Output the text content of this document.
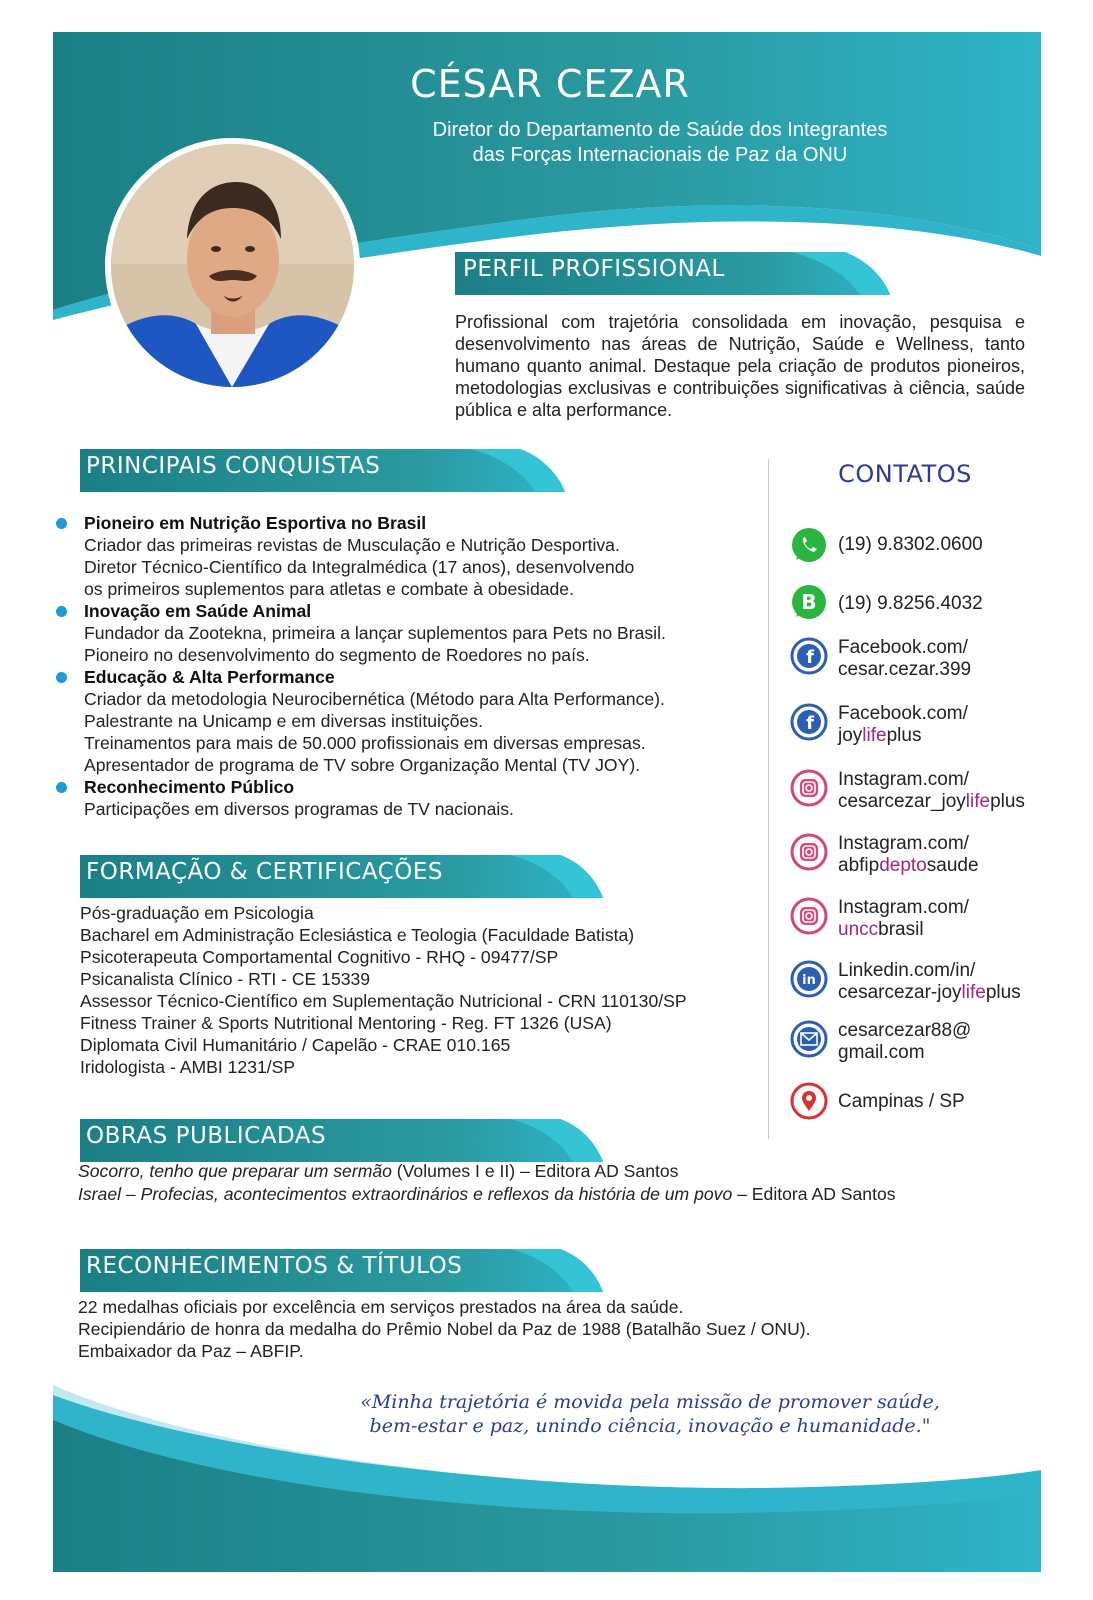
CÉSAR CEZAR
Diretor do Departamento de Saúde dos Integrantes
das Forças Internacionais de Paz da ONU
PERFIL PROFISSIONAL
Profissional com trajetória consolidada em inovação, pesquisa e desenvolvimento nas áreas de Nutrição, Saúde e Wellness, tanto humano quanto animal. Destaque pela criação de produtos pioneiros, metodologias exclusivas e contribuições significativas à ciência, saúde pública e alta performance.
PRINCIPAIS CONQUISTAS
Pioneiro em Nutrição Esportiva no Brasil
Criador das primeiras revistas de Musculação e Nutrição Desportiva.
Diretor Técnico-Científico da Integralmédica (17 anos), desenvolvendo
os primeiros suplementos para atletas e combate à obesidade.
Inovação em Saúde Animal
Fundador da Zootekna, primeira a lançar suplementos para Pets no Brasil.
Pioneiro no desenvolvimento do segmento de Roedores no país.
Educação & Alta Performance
Criador da metodologia Neurocibernética (Método para Alta Performance).
Palestrante na Unicamp e em diversas instituições.
Treinamentos para mais de 50.000 profissionais em diversas empresas.
Apresentador de programa de TV sobre Organização Mental (TV JOY).
Reconhecimento Público
Participações em diversos programas de TV nacionais.
FORMAÇÃO & CERTIFICAÇÕES
Pós-graduação em Psicologia
Bacharel em Administração Eclesiástica e Teologia (Faculdade Batista)
Psicoterapeuta Comportamental Cognitivo - RHQ - 09477/SP
Psicanalista Clínico - RTI - CE 15339
Assessor Técnico-Científico em Suplementação Nutricional - CRN 110130/SP
Fitness Trainer & Sports Nutritional Mentoring - Reg. FT 1326 (USA)
Diplomata Civil Humanitário / Capelão - CRAE 010.165
Iridologista - AMBI 1231/SP
OBRAS PUBLICADAS
Socorro, tenho que preparar um sermão (Volumes I e II) – Editora AD Santos
Israel – Profecias, acontecimentos extraordinários e reflexos da história de um povo – Editora AD Santos
RECONHECIMENTOS & TÍTULOS
22 medalhas oficiais por excelência em serviços prestados na área da saúde.
Recipiendário de honra da medalha do Prêmio Nobel da Paz de 1988 (Batalhão Suez / ONU).
Embaixador da Paz – ABFIP.
«Minha trajetória é movida pela missão de promover saúde,
bem-estar e paz, unindo ciência, inovação e humanidade."
CONTATOS
(19) 9.8302.0600
B (19) 9.8256.4032
f Facebook.com/
cesar.cezar.399
f Facebook.com/
joylifeplus
Instagram.com/
cesarcezar_joylifeplus
Instagram.com/
abfipdeptosaude
Instagram.com/
unccbrasil
in Linkedin.com/in/
cesarcezar-joylifeplus
cesarcezar88@
gmail.com
Campinas / SP
